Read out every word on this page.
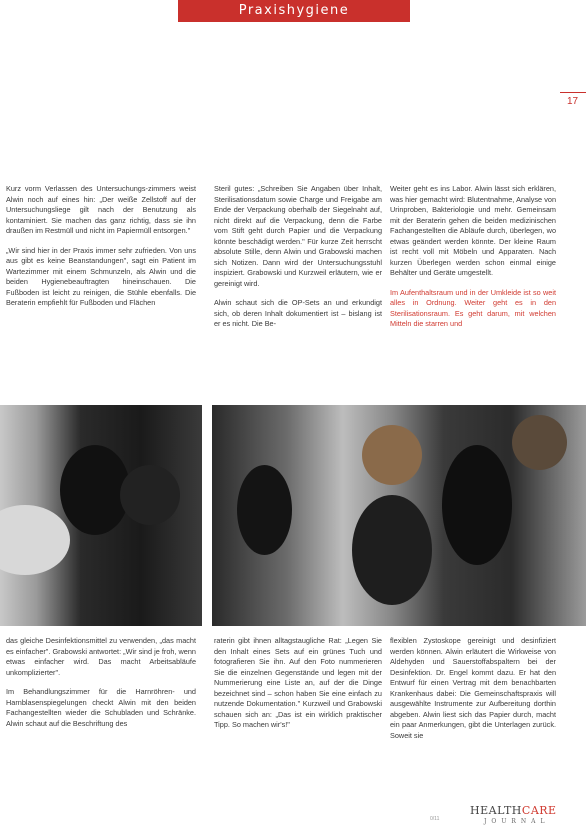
Praxishygiene
17

Kurz vorm Verlassen des Untersuchungs-zimmers weist Alwin noch auf eines hin: „Der weiße Zellstoff auf der Untersuchungsliege gilt nach der Benutzung als kontaminiert. Sie machen das ganz richtig, dass sie ihn draußen im Restmüll und nicht im Papiermüll entsorgen."

„Wir sind hier in der Praxis immer sehr zufrieden. Von uns aus gibt es keine Beanstandungen", sagt ein Patient im Wartezimmer mit einem Schmunzeln, als Alwin und die beiden Hygienebeauftragten hineinschauen. Die Fußboden ist leicht zu reinigen, die Stühle ebenfalls. Die Beraterin empfiehlt für Fußboden und Flächen

Steril gutes: „Schreiben Sie Angaben über Inhalt, Sterilisationsdatum sowie Charge und Freigabe am Ende der Verpackung oberhalb der Siegelnaht auf, nicht direkt auf die Verpackung, denn die Farbe vom Stift geht durch Papier und die Verpackung könnte beschädigt werden." Für kurze Zeit herrscht absolute Stille, denn Alwin und Grabowski machen sich Notizen. Dann wird der Untersuchungsstuhl inspiziert. Grabowski und Kurzweil erläutern, wie er gereinigt wird.

Alwin schaut sich die OP-Sets an und erkundigt sich, ob deren Inhalt dokumentiert ist – bislang ist er es nicht. Die Be-

Weiter geht es ins Labor. Alwin lässt sich erklären, was hier gemacht wird: Blutentnahme, Analyse von Urinproben, Bakteriologie und mehr. Gemeinsam mit der Beraterin gehen die beiden medizinischen Fachangestellten die Abläufe durch, überlegen, wo etwas geändert werden könnte. Der kleine Raum ist recht voll mit Möbeln und Apparaten. Nach kurzen Überlegen werden schon einmal einige Behälter und Geräte umgestellt.

Im Aufenthaltsraum und in der Umkleide ist so weit alles in Ordnung. Weiter geht es in den Sterilisationsraum. Es geht darum, mit welchen Mitteln die starren und

das gleiche Desinfektionsmittel zu verwenden, „das macht es einfacher". Grabowski antwortet: „Wir sind je froh, wenn etwas einfacher wird. Das macht Arbeitsabläufe unkomplizierter".

Im Behandlungszimmer für die Harnröhren- und Harnblasenspiegelungen checkt Alwin mit den beiden Fachangestellten wieder die Schubladen und Schränke. Alwin schaut auf die Beschriftung des

raterin gibt ihnen alltagstaugliche Rat: „Legen Sie den Inhalt eines Sets auf ein grünes Tuch und fotografieren Sie ihn. Auf den Foto nummerieren Sie die einzelnen Gegenstände und legen mit der Nummerierung eine Liste an, auf der die Dinge bezeichnet sind – schon haben Sie eine einfach zu nutzende Dokumentation." Kurzweil und Grabowski schauen sich an: „Das ist ein wirklich praktischer Tipp. So machen wir's!"

flexiblen Zystoskope gereinigt und desinfiziert werden können. Alwin erläutert die Wirkweise von Aldehyden und Sauerstoffabspaltern bei der Desinfektion. Dr. Engel kommt dazu. Er hat den Entwurf für einen Vertrag mit dem benachbarten Krankenhaus dabei: Die Gemeinschaftspraxis will ausgewählte Instrumente zur Aufbereitung dorthin abgeben. Alwin liest sich das Papier durch, macht ein paar Anmerkungen, gibt die Unterlagen zurück. Soweit sie

0/11
HEALTHCARE
JOURNAL
